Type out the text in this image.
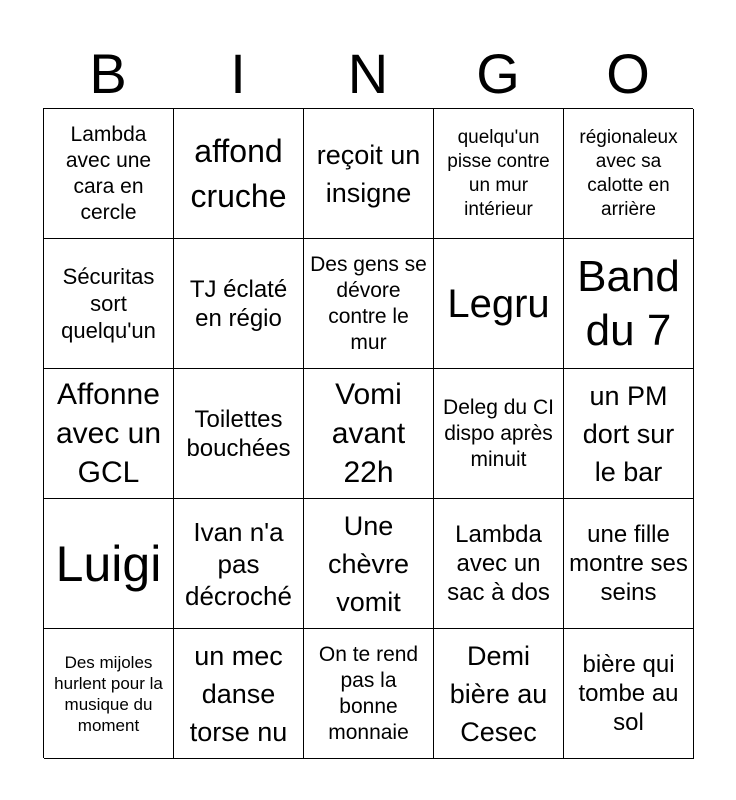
B	I	N	G	O
Lambda avec une cara en cercle
affond cruche
reçoit un insigne
quelqu'un pisse contre un mur intérieur
régionaleux avec sa calotte en arrière
Sécuritas sort quelqu'un
TJ éclaté en régio
Des gens se dévore contre le mur
Legru
Band du 7
Affonne avec un GCL
Toilettes bouchées
Vomi avant 22h
Deleg du CI dispo après minuit
un PM dort sur le bar
Luigi
Ivan n'a pas décroché
Une chèvre vomit
Lambda avec un sac à dos
une fille montre ses seins
Des mijoles hurlent pour la musique du moment
un mec danse torse nu
On te rend pas la bonne monnaie
Demi bière au Cesec
bière qui tombe au sol
